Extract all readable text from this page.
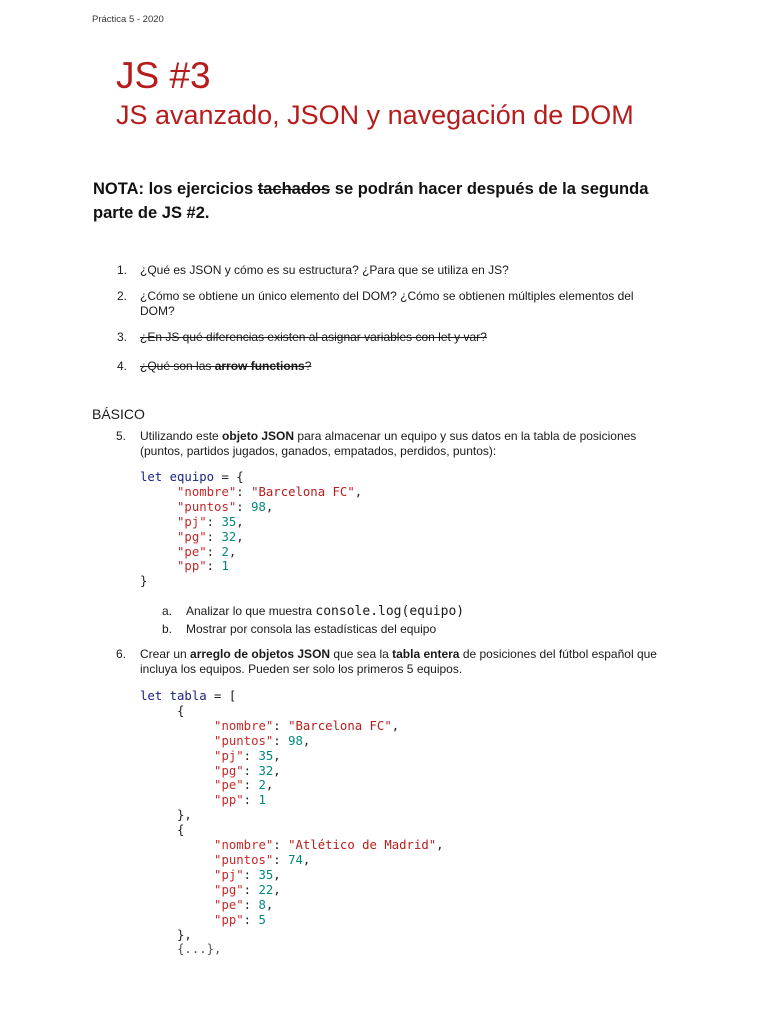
Práctica 5 - 2020
JS #3
JS avanzado, JSON y navegación de DOM
NOTA: los ejercicios tachados se podrán hacer después de la segunda parte de JS #2.
1. ¿Qué es JSON y cómo es su estructura? ¿Para que se utiliza en JS?
2. ¿Cómo se obtiene un único elemento del DOM? ¿Cómo se obtienen múltiples elementos del DOM?
3. ¿En JS qué diferencias existen al asignar variables con let y var?
4. ¿Qué son las arrow functions?
BÁSICO
5. Utilizando este objeto JSON para almacenar un equipo y sus datos en la tabla de posiciones (puntos, partidos jugados, ganados, empatados, perdidos, puntos):
let equipo = {
"nombre": "Barcelona FC",
"puntos": 98,
"pj": 35,
"pg": 32,
"pe": 2,
"pp": 1
}
a. Analizar lo que muestra console.log(equipo)
b. Mostrar por consola las estadísticas del equipo
6. Crear un arreglo de objetos JSON que sea la tabla entera de posiciones del fútbol español que incluya los equipos. Pueden ser solo los primeros 5 equipos.
let tabla = [
{
"nombre": "Barcelona FC",
"puntos": 98,
"pj": 35,
"pg": 32,
"pe": 2,
"pp": 1
},
{
"nombre": "Atlético de Madrid",
"puntos": 74,
"pj": 35,
"pg": 22,
"pe": 8,
"pp": 5
},
{...},
